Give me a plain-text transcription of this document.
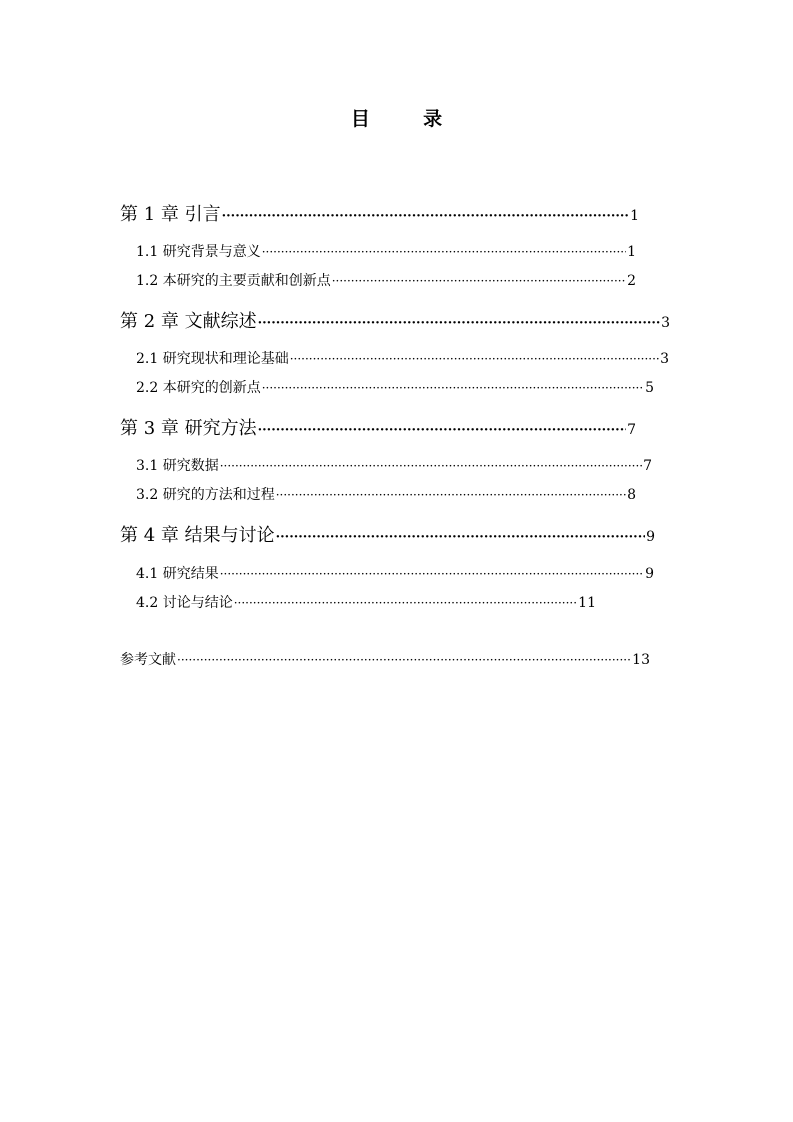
目　录
第 1 章 引言 ·····	1
1.1 研究背景与意义 ·····	1
1.2 本研究的主要贡献和创新点 ·····	2
第 2 章 文献综述 ·····	3
2.1 研究现状和理论基础 ·····	3
2.2 本研究的创新点 ·····	5
第 3 章 研究方法 ·····	7
3.1 研究数据 ·····	7
3.2 研究的方法和过程 ·····	8
第 4 章 结果与讨论 ·····	9
4.1 研究结果 ·····	9
4.2 讨论与结论 ·····	11
参考文献 ·····	13
